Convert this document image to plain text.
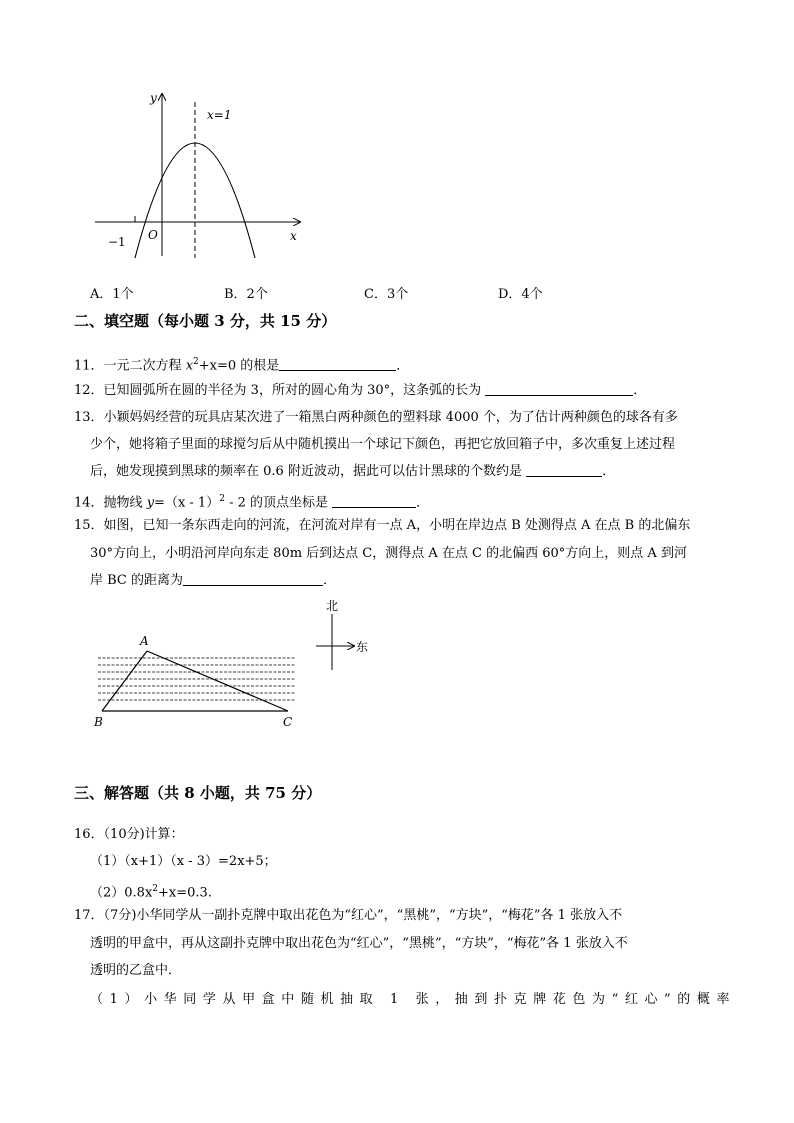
y
x
O
−1
x=1
A．1个	B．2个	C．3个	D．4个
二、填空题（每小题 3 分，共 15 分）
11．一元二次方程 $x^2+x=0$ 的根是	．
12．已知圆弧所在圆的半径为 3，所对的圆心角为 30°，这条弧的长为	．
13．小颖妈妈经营的玩具店某次进了一箱黑白两种颜色的塑料球 4000 个，为了估计两种颜色的球各有多
少个，她将箱子里面的球搅匀后从中随机摸出一个球记下颜色，再把它放回箱子中，多次重复上述过程
后，她发现摸到黑球的频率在 0.6 附近波动，据此可以估计黑球的个数约是	．
14．抛物线 y=（x - 1）$^2$ - 2 的顶点坐标是	．
15．如图，已知一条东西走向的河流，在河流对岸有一点 A，小明在岸边点 B 处测得点 A 在点 B 的北偏东
30°方向上，小明沿河岸向东走 80m 后到达点 C，测得点 A 在点 C 的北偏西 60°方向上，则点 A 到河
岸 BC 的距离为	．
A
B	C
北
东
三、解答题（共 8 小题，共 75 分）
16．（10分)计算：
（1）（x+1）（x - 3）=2x+5；
$(2)0.8x^2+x=0.3$.
17．（7分)小华同学从一副扑克牌中取出花色为“红心”，“黑桃”，“方块”，“梅花”各 1 张放入不
透明的甲盒中，再从这副扑克牌中取出花色为“红心”，“黑桃”，“方块”，“梅花”各 1 张放入不
透明的乙盒中．
（1）小华同学从甲盒中随机抽取 1 张，抽到扑克牌花色为“红心”的概率
